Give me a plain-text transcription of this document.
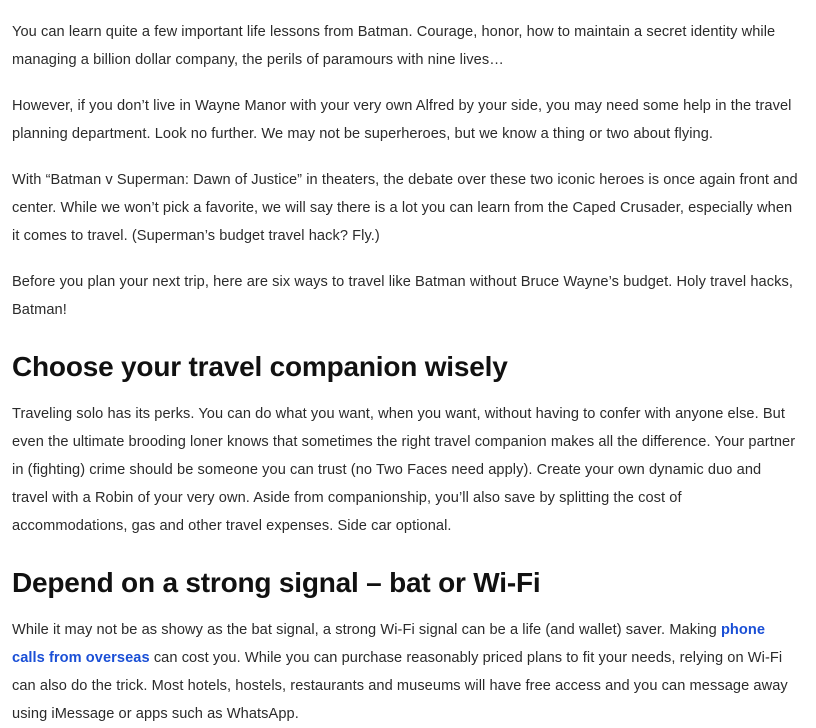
You can learn quite a few important life lessons from Batman. Courage, honor, how to maintain a secret identity while managing a billion dollar company, the perils of paramours with nine lives…

However, if you don’t live in Wayne Manor with your very own Alfred by your side, you may need some help in the travel planning department. Look no further. We may not be superheroes, but we know a thing or two about flying.

With “Batman v Superman: Dawn of Justice” in theaters, the debate over these two iconic heroes is once again front and center. While we won’t pick a favorite, we will say there is a lot you can learn from the Caped Crusader, especially when it comes to travel. (Superman’s budget travel hack? Fly.)

Before you plan your next trip, here are six ways to travel like Batman without Bruce Wayne’s budget. Holy travel hacks, Batman!

Choose your travel companion wisely

Traveling solo has its perks. You can do what you want, when you want, without having to confer with anyone else. But even the ultimate brooding loner knows that sometimes the right travel companion makes all the difference. Your partner in (fighting) crime should be someone you can trust (no Two Faces need apply). Create your own dynamic duo and travel with a Robin of your very own. Aside from companionship, you’ll also save by splitting the cost of accommodations, gas and other travel expenses. Side car optional.

Depend on a strong signal – bat or Wi-Fi

While it may not be as showy as the bat signal, a strong Wi-Fi signal can be a life (and wallet) saver. Making phone calls from overseas can cost you. While you can purchase reasonably priced plans to fit your needs, relying on Wi-Fi can also do the trick. Most hotels, hostels, restaurants and museums will have free access and you can message away using iMessage or apps such as WhatsApp.
